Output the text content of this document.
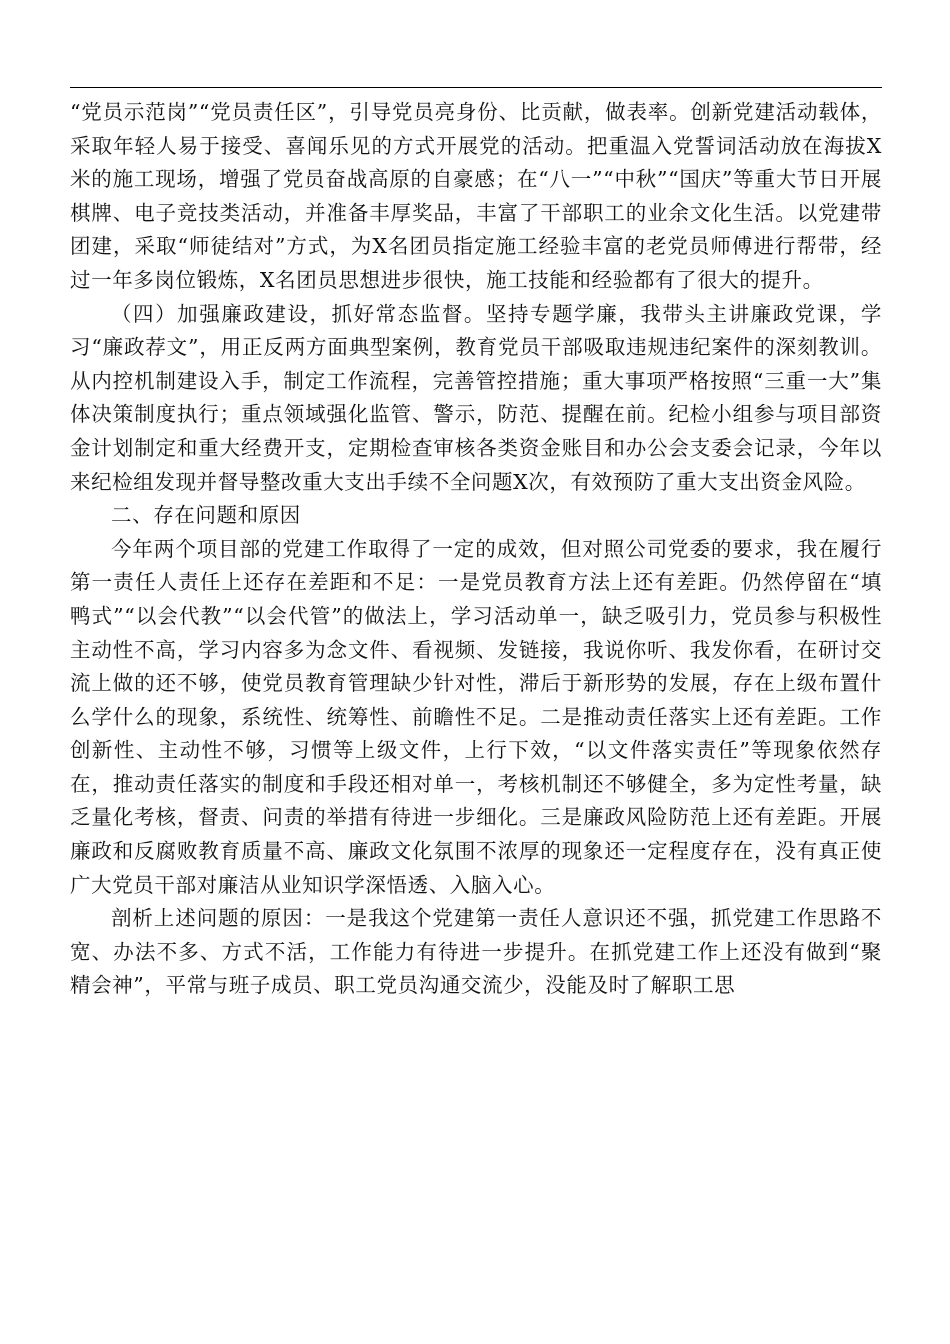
“党员示范岗”“党员责任区”，引导党员亮身份、比贡献，做表率。创新党建活动载体，采取年轻人易于接受、喜闻乐见的方式开展党的活动。把重温入党誓词活动放在海拔X米的施工现场，增强了党员奋战高原的自豪感；在“八一”“中秋”“国庆”等重大节日开展棋牌、电子竞技类活动，并准备丰厚奖品，丰富了干部职工的业余文化生活。以党建带团建，采取“师徒结对”方式，为X名团员指定施工经验丰富的老党员师傅进行帮带，经过一年多岗位锻炼，X名团员思想进步很快，施工技能和经验都有了很大的提升。

（四）加强廉政建设，抓好常态监督。坚持专题学廉，我带头主讲廉政党课，学习“廉政荐文”，用正反两方面典型案例，教育党员干部吸取违规违纪案件的深刻教训。从内控机制建设入手，制定工作流程，完善管控措施；重大事项严格按照“三重一大”集体决策制度执行；重点领域强化监管、警示，防范、提醒在前。纪检小组参与项目部资金计划制定和重大经费开支，定期检查审核各类资金账目和办公会支委会记录，今年以来纪检组发现并督导整改重大支出手续不全问题X次，有效预防了重大支出资金风险。

二、存在问题和原因

今年两个项目部的党建工作取得了一定的成效，但对照公司党委的要求，我在履行第一责任人责任上还存在差距和不足：一是党员教育方法上还有差距。仍然停留在“填鸭式”“以会代教”“以会代管”的做法上，学习活动单一，缺乏吸引力，党员参与积极性主动性不高，学习内容多为念文件、看视频、发链接，我说你听、我发你看，在研讨交流上做的还不够，使党员教育管理缺少针对性，滞后于新形势的发展，存在上级布置什么学什么的现象，系统性、统筹性、前瞻性不足。二是推动责任落实上还有差距。工作创新性、主动性不够，习惯等上级文件，上行下效，“以文件落实责任”等现象依然存在，推动责任落实的制度和手段还相对单一，考核机制还不够健全，多为定性考量，缺乏量化考核，督责、问责的举措有待进一步细化。三是廉政风险防范上还有差距。开展廉政和反腐败教育质量不高、廉政文化氛围不浓厚的现象还一定程度存在，没有真正使广大党员干部对廉洁从业知识学深悟透、入脑入心。

剖析上述问题的原因：一是我这个党建第一责任人意识还不强，抓党建工作思路不宽、办法不多、方式不活，工作能力有待进一步提升。在抓党建工作上还没有做到“聚精会神”，平常与班子成员、职工党员沟通交流少，没能及时了解职工思
